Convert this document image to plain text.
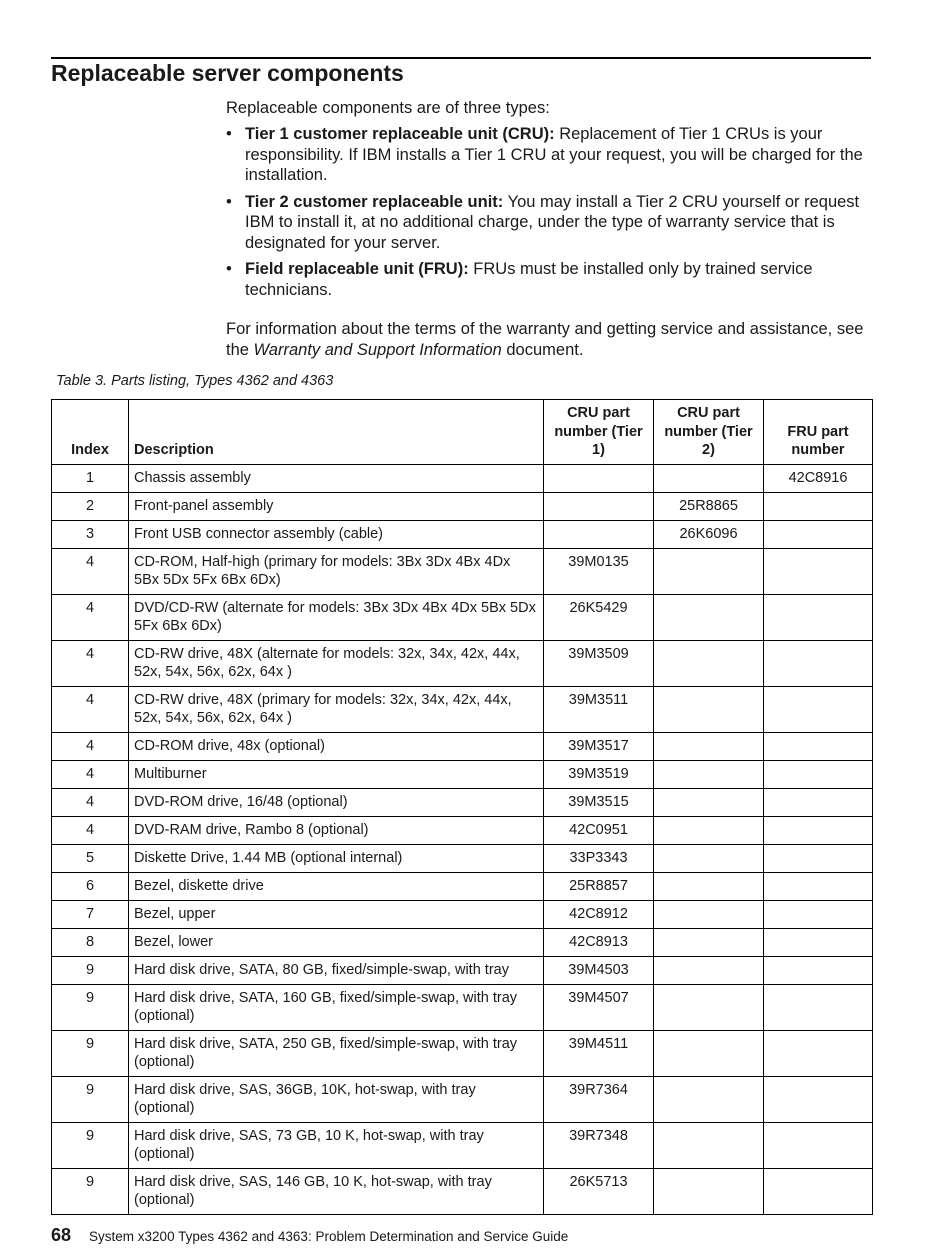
Replaceable server components
Replaceable components are of three types:
• Tier 1 customer replaceable unit (CRU): Replacement of Tier 1 CRUs is your responsibility. If IBM installs a Tier 1 CRU at your request, you will be charged for the installation.
• Tier 2 customer replaceable unit: You may install a Tier 2 CRU yourself or request IBM to install it, at no additional charge, under the type of warranty service that is designated for your server.
• Field replaceable unit (FRU): FRUs must be installed only by trained service technicians.
For information about the terms of the warranty and getting service and assistance, see the Warranty and Support Information document.
Table 3. Parts listing, Types 4362 and 4363
Index	Description	CRU part number (Tier 1)	CRU part number (Tier 2)	FRU part number
1	Chassis assembly			42C8916
2	Front-panel assembly		25R8865	
3	Front USB connector assembly (cable)		26K6096	
4	CD-ROM, Half-high (primary for models: 3Bx 3Dx 4Bx 4Dx 5Bx 5Dx 5Fx 6Bx 6Dx)	39M0135		
4	DVD/CD-RW (alternate for models: 3Bx 3Dx 4Bx 4Dx 5Bx 5Dx 5Fx 6Bx 6Dx)	26K5429		
4	CD-RW drive, 48X (alternate for models: 32x, 34x, 42x, 44x, 52x, 54x, 56x, 62x, 64x )	39M3509		
4	CD-RW drive, 48X (primary for models: 32x, 34x, 42x, 44x, 52x, 54x, 56x, 62x, 64x )	39M3511		
4	CD-ROM drive, 48x (optional)	39M3517		
4	Multiburner	39M3519		
4	DVD-ROM drive, 16/48 (optional)	39M3515		
4	DVD-RAM drive, Rambo 8 (optional)	42C0951		
5	Diskette Drive, 1.44 MB (optional internal)	33P3343		
6	Bezel, diskette drive	25R8857		
7	Bezel, upper	42C8912		
8	Bezel, lower	42C8913		
9	Hard disk drive, SATA, 80 GB, fixed/simple-swap, with tray	39M4503		
9	Hard disk drive, SATA, 160 GB, fixed/simple-swap, with tray (optional)	39M4507		
9	Hard disk drive, SATA, 250 GB, fixed/simple-swap, with tray (optional)	39M4511		
9	Hard disk drive, SAS, 36GB, 10K, hot-swap, with tray (optional)	39R7364		
9	Hard disk drive, SAS, 73 GB, 10 K, hot-swap, with tray (optional)	39R7348		
9	Hard disk drive, SAS, 146 GB, 10 K, hot-swap, with tray (optional)	26K5713		
68 System x3200 Types 4362 and 4363: Problem Determination and Service Guide
